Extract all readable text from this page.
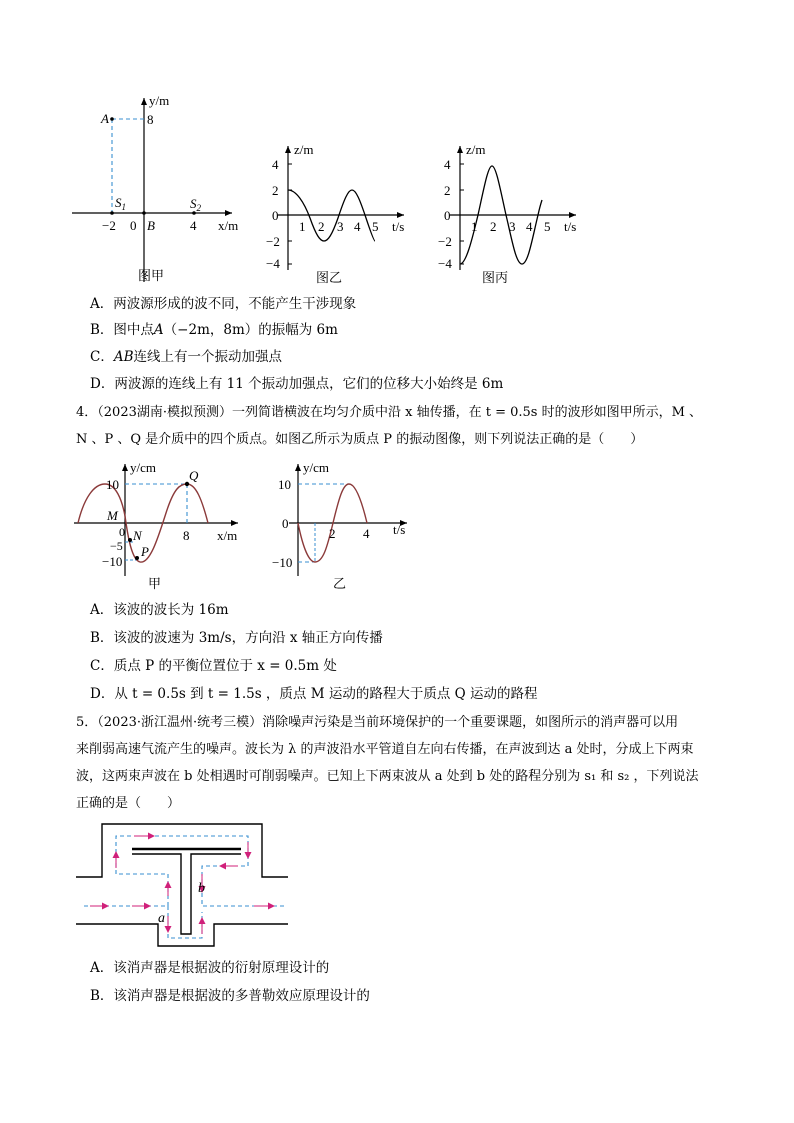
y/m
A	8
$S_1$	$S_2$
−2 0 B	4 x/m
图甲
z/m
4
2
0
−2
−4
1 2 3 4 5 t/s
图乙
z/m
4
2
0
−2
−4
1 2 3 4 5 t/s
图丙
A．两波源形成的波不同，不能产生干涉现象
B．图中点A（−2m，8m）的振幅为 6m
C．AB连线上有一个振动加强点
D．两波源的连线上有 11 个振动加强点，它们的位移大小始终是 6m
4．（2023湖南·模拟预测）一列简谐横波在均匀介质中沿 x 轴传播，在 t = 0.5s 时的波形如图甲所示，M 、
N 、P 、Q 是介质中的四个质点。如图乙所示为质点 P 的振动图像，则下列说法正确的是（　　）
y/cm
Q
10
M
0 N
−5 P
−10
8 x/m
甲
y/cm
10
0
−10
2 4 t/s
乙
A．该波的波长为 16m
B．该波的波速为 3m/s，方向沿 x 轴正方向传播
C．质点 P 的平衡位置位于 x = 0.5m 处
D．从 t = 0.5s 到 t = 1.5s ，质点 M 运动的路程大于质点 Q 运动的路程
5．（2023·浙江温州·统考三模）消除噪声污染是当前环境保护的一个重要课题，如图所示的消声器可以用
来削弱高速气流产生的噪声。波长为 λ 的声波沿水平管道自左向右传播，在声波到达 a 处时，分成上下两束
波，这两束声波在 b 处相遇时可削弱噪声。已知上下两束波从 a 处到 b 处的路程分别为 s₁ 和 s₂ ，下列说法
正确的是（　　）
a
b
A．该消声器是根据波的衍射原理设计的
B．该消声器是根据波的多普勒效应原理设计的
